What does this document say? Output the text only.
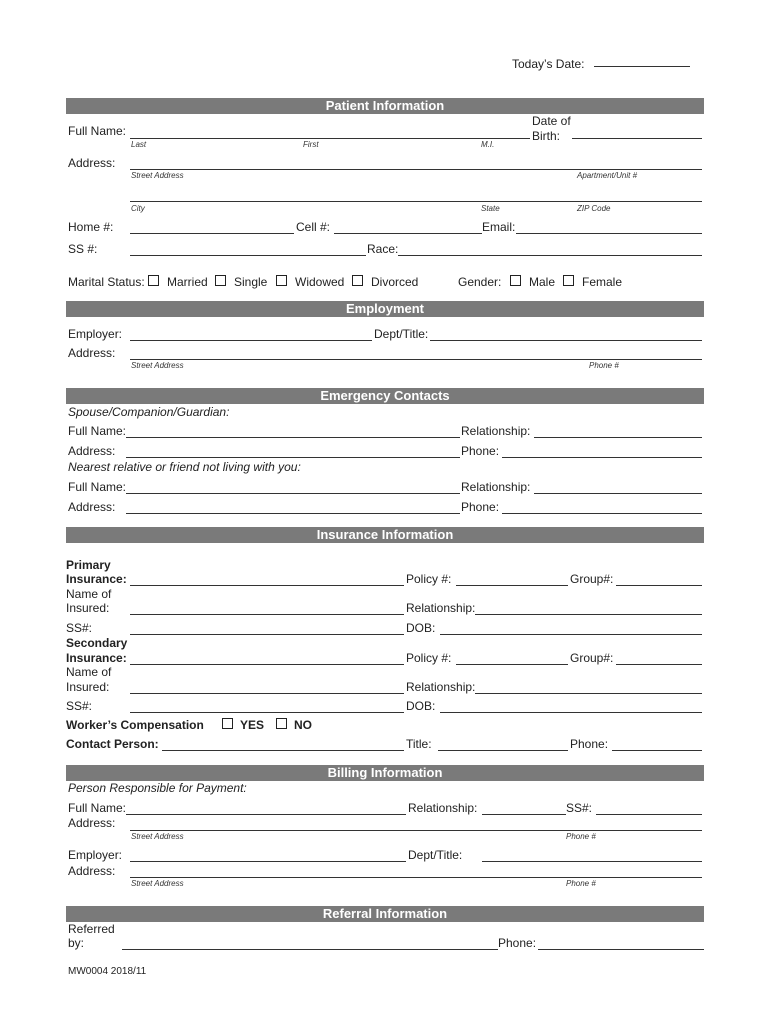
Today’s Date:
Patient Information
Full Name:
Last	First	M.I.
Date of
Birth:
Address:
Street Address	Apartment/Unit #
City	State	ZIP Code
Home #:	Cell #:	Email:
SS #:	Race:
Marital Status: Married Single Widowed Divorced	Gender: Male Female
Employment
Employer:	Dept/Title:
Address:
Street Address	Phone #
Emergency Contacts
Spouse/Companion/Guardian:
Full Name:	Relationship:
Address:	Phone:
Nearest relative or friend not living with you:
Full Name:	Relationship:
Address:	Phone:
Insurance Information
Primary
Insurance:	Policy #:	Group#:
Name of
Insured:	Relationship:
SS#:	DOB:
Secondary
Insurance:	Policy #:	Group#:
Name of
Insured:	Relationship:
SS#:	DOB:
Worker’s Compensation	YES NO
Contact Person:	Title:	Phone:
Billing Information
Person Responsible for Payment:
Full Name:	Relationship:	SS#:
Address:
Street Address	Phone #
Employer:	Dept/Title:
Address:
Street Address	Phone #
Referral Information
Referred
by:	Phone:
MW0004 2018/11
